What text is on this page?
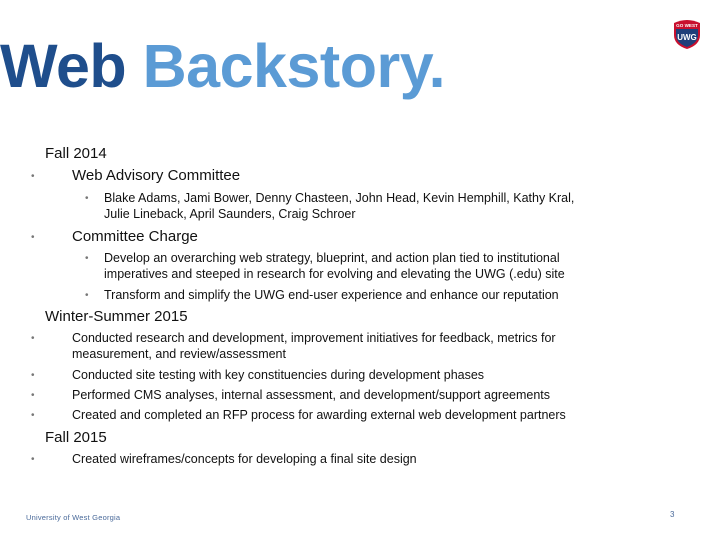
Web Backstory.
GO WEST
UWG
Fall 2014
• Web Advisory Committee
• Blake Adams, Jami Bower, Denny Chasteen, John Head, Kevin Hemphill, Kathy Kral,
Julie Lineback, April Saunders, Craig Schroer
• Committee Charge
• Develop an overarching web strategy, blueprint, and action plan tied to institutional
imperatives and steeped in research for evolving and elevating the UWG (.edu) site
• Transform and simplify the UWG end-user experience and enhance our reputation
Winter-Summer 2015
•	Conducted research and development, improvement initiatives for feedback, metrics for
measurement, and review/assessment
•	Conducted site testing with key constituencies during development phases
•	Performed CMS analyses, internal assessment, and development/support agreements
•	Created and completed an RFP process for awarding external web development partners
Fall 2015
•	Created wireframes/concepts for developing a final site design
University of West Georgia	3
